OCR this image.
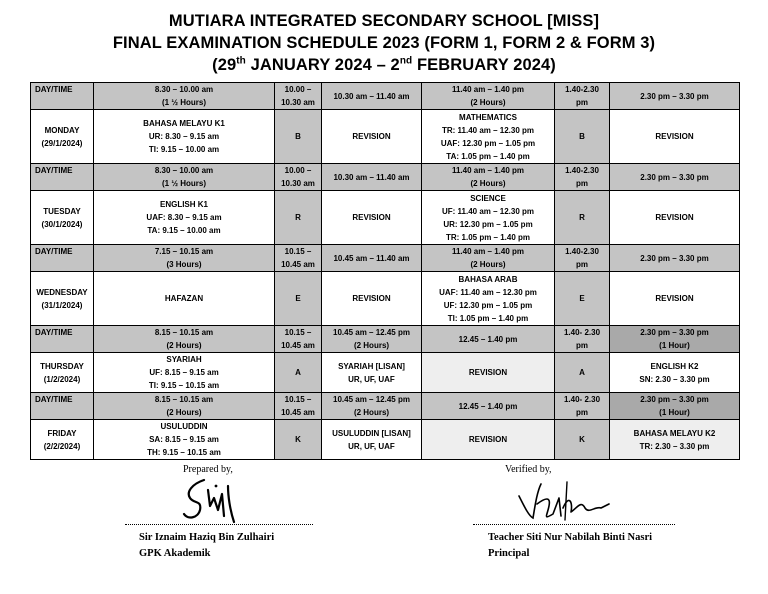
MUTIARA INTEGRATED SECONDARY SCHOOL [MISS]
FINAL EXAMINATION SCHEDULE 2023 (FORM 1, FORM 2 & FORM 3)
(29th JANUARY 2024 – 2nd FEBRUARY 2024)
DAY/TIME	8.30 – 10.00 am
(1 ½ Hours)	10.00 –
10.30 am	10.30 am – 11.40 am	11.40 am – 1.40 pm
(2 Hours)	1.40-2.30
pm	2.30 pm – 3.30 pm

MONDAY
(29/1/2024)	BAHASA MELAYU K1
UR: 8.30 – 9.15 am
TI: 9.15 – 10.00 am	B	REVISION	MATHEMATICS
TR: 11.40 am – 12.30 pm
UAF: 12.30 pm – 1.05 pm
TA: 1.05 pm – 1.40 pm	B	REVISION

DAY/TIME	8.30 – 10.00 am
(1 ½ Hours)	10.00 –
10.30 am	10.30 am – 11.40 am	11.40 am – 1.40 pm
(2 Hours)	1.40-2.30
pm	2.30 pm – 3.30 pm

TUESDAY
(30/1/2024)	ENGLISH K1
UAF: 8.30 – 9.15 am
TA: 9.15 – 10.00 am	R	REVISION	SCIENCE
UF: 11.40 am – 12.30 pm
UR: 12.30 pm – 1.05 pm
TR: 1.05 pm – 1.40 pm	R	REVISION

DAY/TIME	7.15 – 10.15 am
(3 Hours)	10.15 –
10.45 am	10.45 am – 11.40 am	11.40 am – 1.40 pm
(2 Hours)	1.40-2.30
pm	2.30 pm – 3.30 pm

WEDNESDAY
(31/1/2024)	HAFAZAN	E	REVISION	BAHASA ARAB
UAF: 11.40 am – 12.30 pm
UF: 12.30 pm – 1.05 pm
TI: 1.05 pm – 1.40 pm	E	REVISION

DAY/TIME	8.15 – 10.15 am
(2 Hours)	10.15 –
10.45 am	10.45 am – 12.45 pm
(2 Hours)	12.45 – 1.40 pm	1.40- 2.30
pm	2.30 pm – 3.30 pm
(1 Hour)

THURSDAY
(1/2/2024)	SYARIAH
UF: 8.15 – 9.15 am
TI: 9.15 – 10.15 am	A	SYARIAH [LISAN]
UR, UF, UAF	REVISION	A	ENGLISH K2
SN: 2.30 – 3.30 pm

DAY/TIME	8.15 – 10.15 am
(2 Hours)	10.15 –
10.45 am	10.45 am – 12.45 pm
(2 Hours)	12.45 – 1.40 pm	1.40- 2.30
pm	2.30 pm – 3.30 pm
(1 Hour)

FRIDAY
(2/2/2024)	USULUDDIN
SA: 8.15 – 9.15 am
TH: 9.15 – 10.15 am	K	USULUDDIN [LISAN]
UR, UF, UAF	REVISION	K	BAHASA MELAYU K2
TR: 2.30 – 3.30 pm
Prepared by,
Sir Iznaim Haziq Bin Zulhairi
GPK Akademik
Verified by,
Teacher Siti Nur Nabilah Binti Nasri
Principal
